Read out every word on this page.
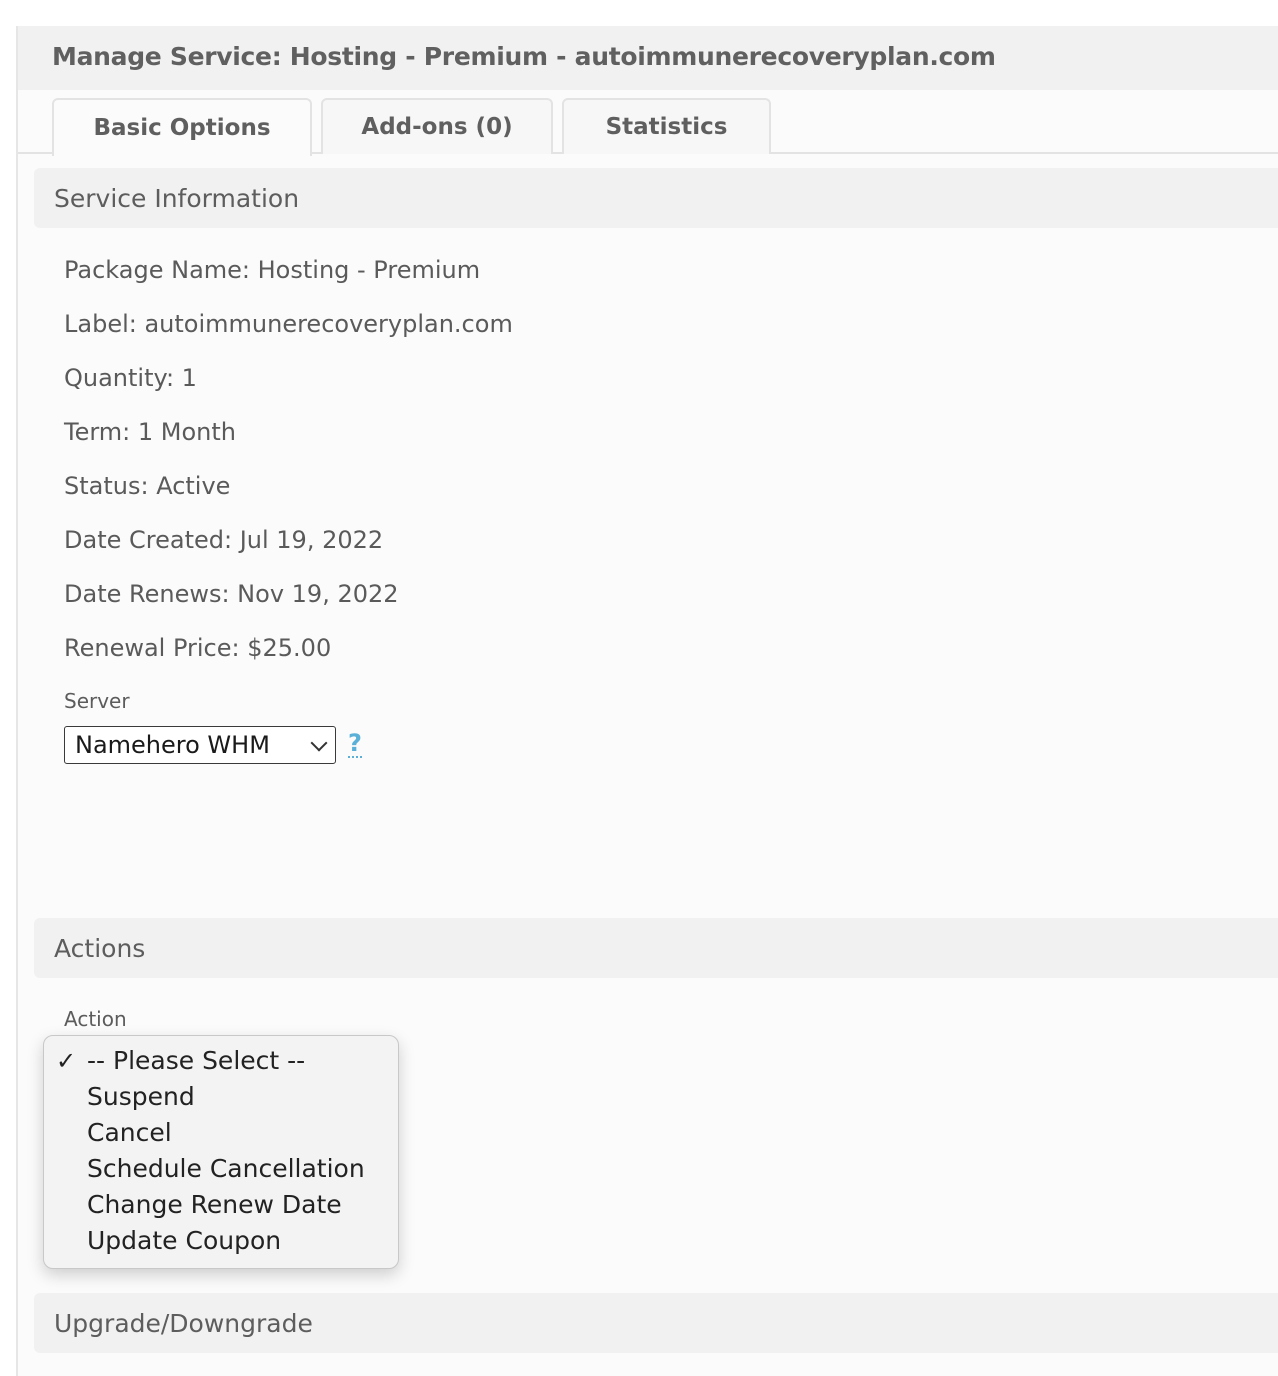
Manage Service: Hosting - Premium - autoimmunerecoveryplan.com
Basic Options	Add-ons (0)	Statistics
Service Information
Package Name: Hosting - Premium
Label: autoimmunerecoveryplan.com
Quantity: 1
Term: 1 Month
Status: Active
Date Created: Jul 19, 2022
Date Renews: Nov 19, 2022
Renewal Price: $25.00
Server
Namehero WHM	?
Actions
Action
✓ -- Please Select --
Suspend
Cancel
Schedule Cancellation
Change Renew Date
Update Coupon
Upgrade/Downgrade
